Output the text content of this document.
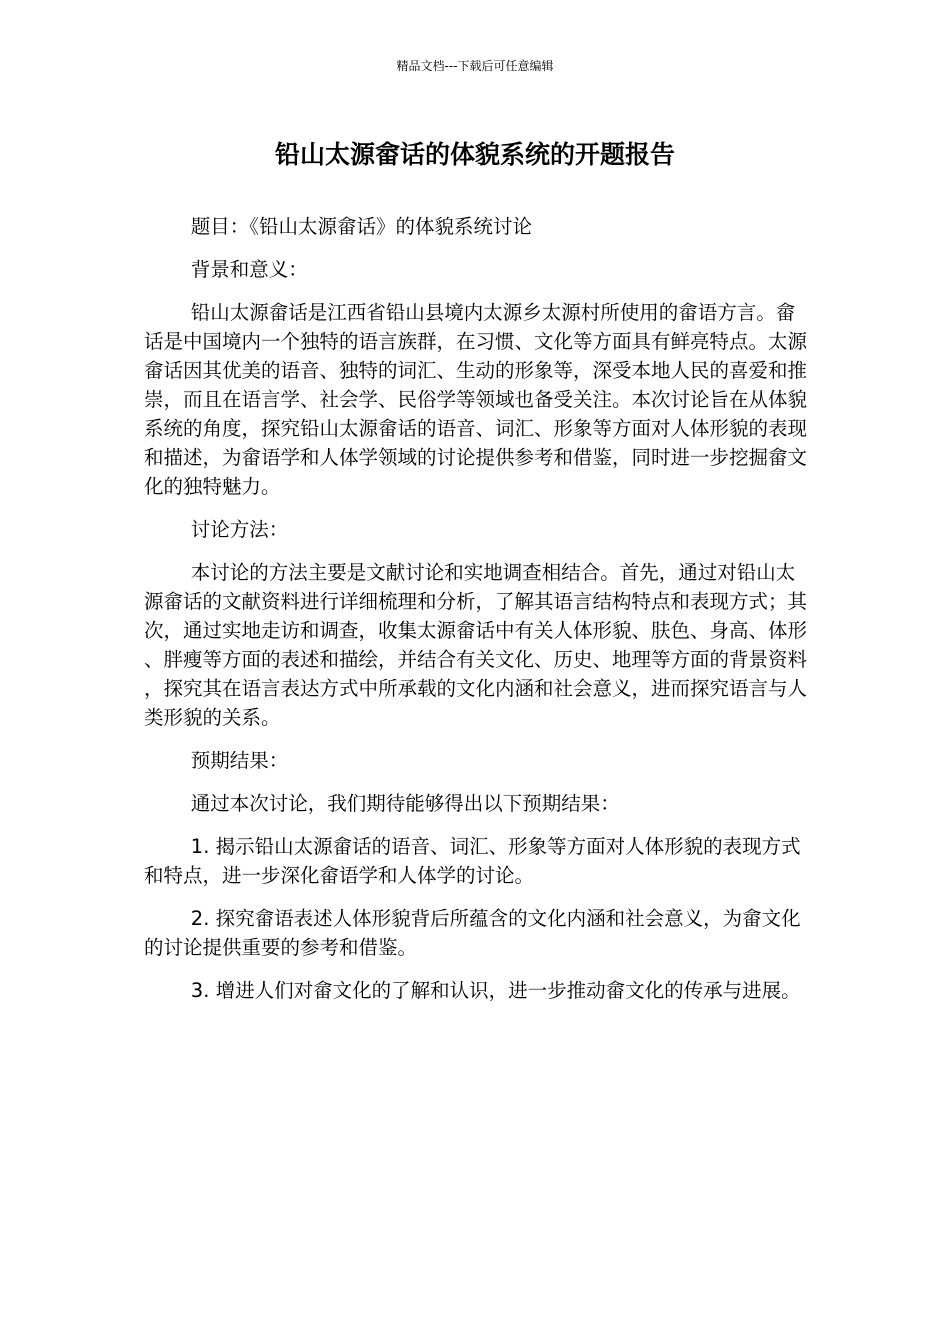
精品文档---下载后可任意编辑
铅山太源畲话的体貌系统的开题报告

题目：《铅山太源畲话》的体貌系统讨论

背景和意义：

铅山太源畲话是江西省铅山县境内太源乡太源村所使用的畲语方言。畲话是中国境内一个独特的语言族群，在习惯、文化等方面具有鲜亮特点。太源畲话因其优美的语音、独特的词汇、生动的形象等，深受本地人民的喜爱和推崇，而且在语言学、社会学、民俗学等领域也备受关注。本次讨论旨在从体貌系统的角度，探究铅山太源畲话的语音、词汇、形象等方面对人体形貌的表现和描述，为畲语学和人体学领域的讨论提供参考和借鉴，同时进一步挖掘畲文化的独特魅力。

讨论方法：

本讨论的方法主要是文献讨论和实地调查相结合。首先，通过对铅山太源畲话的文献资料进行详细梳理和分析，了解其语言结构特点和表现方式；其次，通过实地走访和调查，收集太源畲话中有关人体形貌、肤色、身高、体形、胖瘦等方面的表述和描绘，并结合有关文化、历史、地理等方面的背景资料，探究其在语言表达方式中所承载的文化内涵和社会意义，进而探究语言与人类形貌的关系。

预期结果：

通过本次讨论，我们期待能够得出以下预期结果：

1. 揭示铅山太源畲话的语音、词汇、形象等方面对人体形貌的表现方式和特点，进一步深化畲语学和人体学的讨论。

2. 探究畲语表述人体形貌背后所蕴含的文化内涵和社会意义，为畲文化的讨论提供重要的参考和借鉴。

3. 增进人们对畲文化的了解和认识，进一步推动畲文化的传承与进展。
